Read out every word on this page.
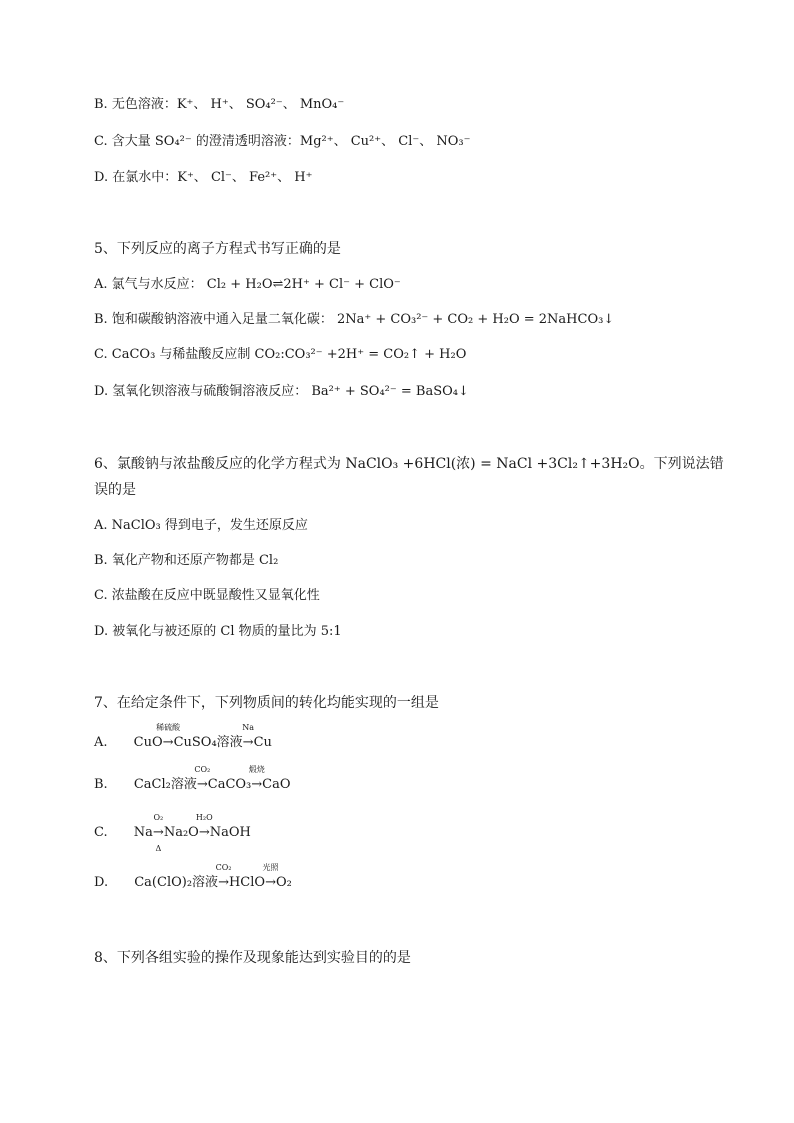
B. 无色溶液：K⁺、 H⁺、 SO₄²⁻、 MnO₄⁻
C. 含大量 SO₄²⁻ 的澄清透明溶液：Mg²⁺、 Cu²⁺、 Cl⁻、 NO₃⁻
D. 在氯水中：K⁺、 Cl⁻、 Fe²⁺、 H⁺
5、下列反应的离子方程式书写正确的是
A. 氯气与水反应： Cl₂ + H₂O⇌2H⁺ + Cl⁻ + ClO⁻
B. 饱和碳酸钠溶液中通入足量二氧化碳： 2Na⁺ + CO₃²⁻ + CO₂ + H₂O = 2NaHCO₃↓
C. CaCO₃ 与稀盐酸反应制 CO₂:CO₃²⁻ +2H⁺ = CO₂↑ + H₂O
D. 氢氧化钡溶液与硫酸铜溶液反应： Ba²⁺ + SO₄²⁻ = BaSO₄↓
6、氯酸钠与浓盐酸反应的化学方程式为 NaClO₃ +6HCl(浓) = NaCl +3Cl₂↑+3H₂O。下列说法错
误的是
A. NaClO₃ 得到电子，发生还原反应
B. 氧化产物和还原产物都是 Cl₂
C. 浓盐酸在反应中既显酸性又显氧化性
D. 被氧化与被还原的 Cl 物质的量比为 5:1
7、在给定条件下，下列物质间的转化均能实现的一组是
A. CuO
稀硫酸
→CuSO₄溶液
Na
→Cu
B. CaCl₂溶液
CO₂
→CaCO₃
煅烧
→CaO
C. Na
O₂
→
Δ
Na₂O
H₂O
→NaOH
D. Ca(ClO)₂溶液
CO₂
→HClO
光照
→O₂
8、下列各组实验的操作及现象能达到实验目的的是
